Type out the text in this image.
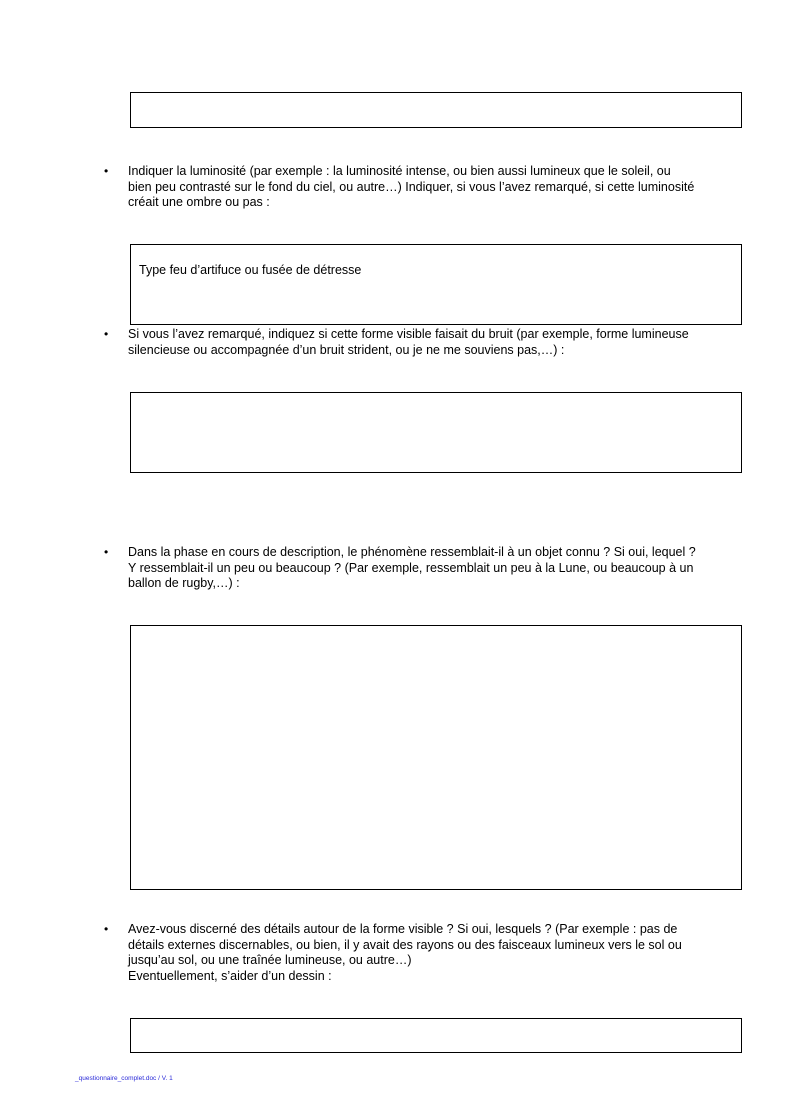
• Indiquer la luminosité (par exemple : la luminosité intense, ou bien aussi lumineux que le soleil, ou

bien peu contrasté sur le fond du ciel, ou autre…) Indiquer, si vous l’avez remarqué, si cette luminosité

créait une ombre ou pas :

Type feu d’artifuce ou fusée de détresse
• Si vous l’avez remarqué, indiquez si cette forme visible faisait du bruit (par exemple, forme lumineuse

silencieuse ou accompagnée d’un bruit strident, ou je ne me souviens pas,…) :

• Dans la phase en cours de description, le phénomène ressemblait-il à un objet connu ? Si oui, lequel ?

Y ressemblait-il un peu ou beaucoup ? (Par exemple, ressemblait un peu à la Lune, ou beaucoup à un

ballon de rugby,…) :

• Avez-vous discerné des détails autour de la forme visible ? Si oui, lesquels ? (Par exemple : pas de

détails externes discernables, ou bien, il y avait des rayons ou des faisceaux lumineux vers le sol ou

jusqu’au sol, ou une traînée lumineuse, ou autre…)

Eventuellement, s’aider d’un dessin :

_questionnaire_complet.doc / V. 1
